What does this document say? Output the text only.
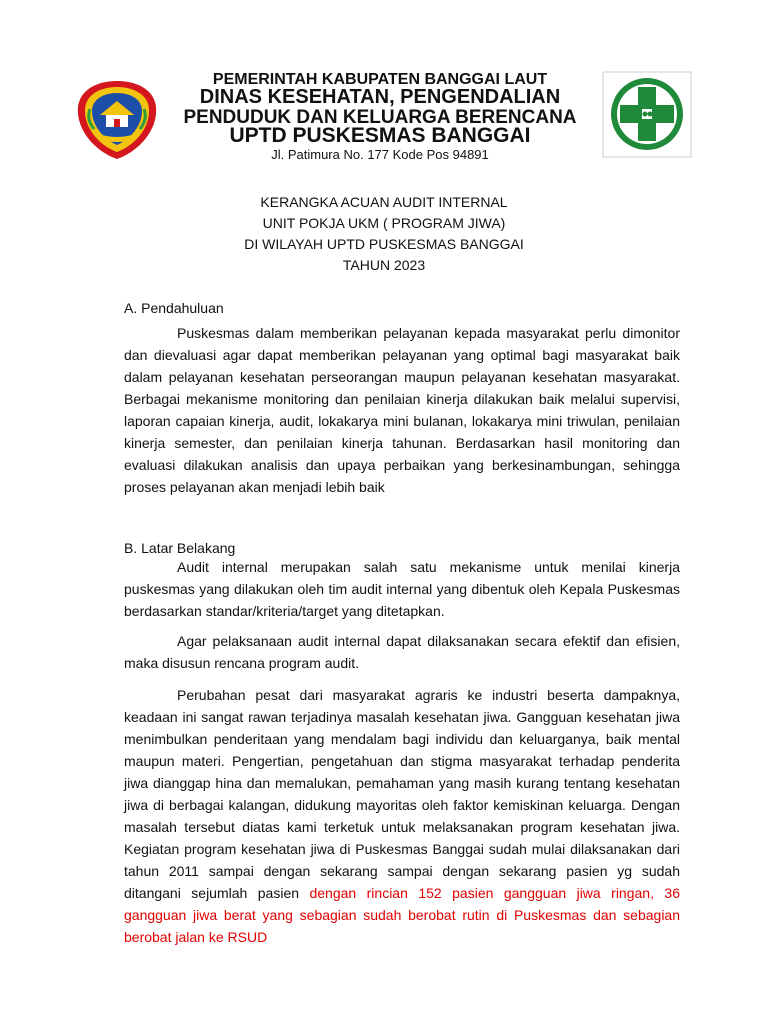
PEMERINTAH KABUPATEN BANGGAI LAUT
DINAS KESEHATAN, PENGENDALIAN
PENDUDUK DAN KELUARGA BERENCANA
UPTD PUSKESMAS BANGGAI
Jl. Patimura No. 177 Kode Pos 94891
KERANGKA ACUAN AUDIT INTERNAL
UNIT POKJA UKM ( PROGRAM JIWA)
DI WILAYAH UPTD PUSKESMAS BANGGAI
TAHUN 2023
A. Pendahuluan

Puskesmas dalam memberikan pelayanan kepada masyarakat perlu dimonitor dan dievaluasi agar dapat memberikan pelayanan yang optimal bagi masyarakat baik dalam pelayanan kesehatan perseorangan maupun pelayanan kesehatan masyarakat. Berbagai mekanisme monitoring dan penilaian kinerja dilakukan baik melalui supervisi, laporan capaian kinerja, audit, lokakarya mini bulanan, lokakarya mini triwulan, penilaian kinerja semester, dan penilaian kinerja tahunan. Berdasarkan hasil monitoring dan evaluasi dilakukan analisis dan upaya perbaikan yang berkesinambungan, sehingga proses pelayanan akan menjadi lebih baik

B. Latar Belakang

Audit internal merupakan salah satu mekanisme untuk menilai kinerja puskesmas yang dilakukan oleh tim audit internal yang dibentuk oleh Kepala Puskesmas berdasarkan standar/kriteria/target yang ditetapkan.

Agar pelaksanaan audit internal dapat dilaksanakan secara efektif dan efisien, maka disusun rencana program audit.

Perubahan pesat dari masyarakat agraris ke industri beserta dampaknya, keadaan ini sangat rawan terjadinya masalah kesehatan jiwa. Gangguan kesehatan jiwa menimbulkan penderitaan yang mendalam bagi individu dan keluarganya, baik mental maupun materi. Pengertian, pengetahuan dan stigma masyarakat terhadap penderita jiwa dianggap hina dan memalukan, pemahaman yang masih kurang tentang kesehatan jiwa di berbagai kalangan, didukung mayoritas oleh faktor kemiskinan keluarga. Dengan masalah tersebut diatas kami terketuk untuk melaksanakan program kesehatan jiwa. Kegiatan program kesehatan jiwa di Puskesmas Banggai sudah mulai dilaksanakan dari tahun 2011 sampai dengan sekarang sampai dengan sekarang pasien yg sudah ditangani sejumlah pasien dengan rincian 152 pasien gangguan jiwa ringan, 36 gangguan jiwa berat yang sebagian sudah berobat rutin di Puskesmas dan sebagian berobat jalan ke RSUD
